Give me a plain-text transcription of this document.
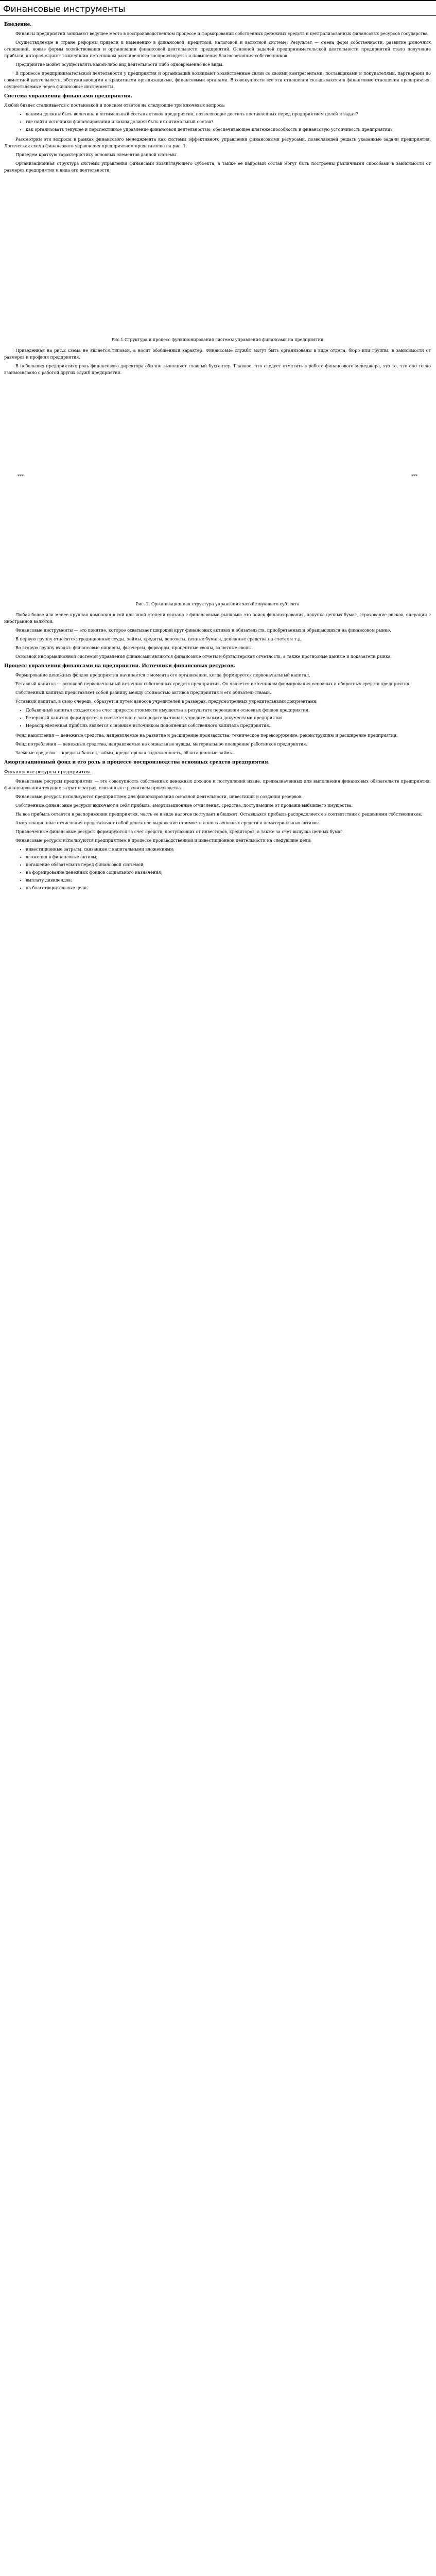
Финансовые инструменты
Введение.

Финансы предприятий занимают ведущее место в воспроизводственном процессе и формировании собственных денежных средств и централизованных финансовых ресурсов государства.

Осуществляемые в стране реформы привели к изменению в финансовой, кредитной, налоговой и валютной системе. Результат — смена форм собственности, развитие рыночных отношений, новые формы хозяйствования и организации финансовой деятельности предприятий. Основной задачей предпринимательской деятельности предприятий стало получение прибыли, которая служит важнейшим источником расширенного воспроизводства и повышения благосостояния собственников.

Предприятие может осуществлять какой-либо вид деятельности либо одновременно все виды.

В процессе предпринимательской деятельности у предприятия и организаций возникают хозяйственные связи со своими контрагентами: поставщиками и покупателями, партнерами по совместной деятельности, обслуживающими и кредитными организациями, финансовыми органами. В совокупности все эти отношения складываются в финансовые отношения предприятия, осуществляемые через финансовые инструменты.

Система управления финансами предприятия.

Любой бизнес сталкивается с постановкой и поиском ответов на следующие три ключевых вопроса:

• какими должны быть величина и оптимальный состав активов предприятия, позволяющие достичь поставленных перед предприятием целей и задач?
• где найти источники финансирования и каким должен быть их оптимальный состав?
• как организовать текущее и перспективное управление финансовой деятельностью, обеспечивающее платежеспособность и финансовую устойчивость предприятия?

Рассмотрим эти вопросы в рамках финансового менеджмента как системы эффективного управления финансовыми ресурсами, позволяющей решать указанные задачи предприятия. Логическая схема финансового управления предприятием представлена на рис. 1.

Приведем краткую характеристику основных элементов данной системы.

Организационная структура системы управления финансами хозяйствующего субъекта, а также ее кадровый состав могут быть построены различными способами в зависимости от размеров предприятия и вида его деятельности.

Рис.1.Структура и процесс функционирования системы управления финансами на предприятии

Приведенная на рис.2 схема не является типовой, а носит обобщенный характер. Финансовые службы могут быть организованы в виде отдела, бюро или группы, в зависимости от размеров и профиля предприятия.

В небольших предприятиях роль финансового директора обычно выполняет главный бухгалтер. Главное, что следует отметить в работе финансового менеджера, это то, что оно тесно взаимосвязано с работой других служб предприятия.

***	***
Рис. 2. Организационная структура управления хозяйствующего субъекта

Любая более или менее крупная компания в той или иной степени связана с финансовыми рынками: это поиск финансирования, покупка ценных бумаг, страхование рисков, операции с иностранной валютой.

Финансовые инструменты — это понятие, которое охватывает широкий круг финансовых активов и обязательств, приобретаемых и обращающихся на финансовом рынке.

В первую группу относятся: традиционные ссуды, займы, кредиты, депозиты, ценные бумаги, денежные средства на счетах и т.д.

Во вторую группу входят: финансовые опционы, фьючерсы, форварды, процентные свопы, валютные свопы.

Основной информационной системой управления финансами являются финансовые отчеты и бухгалтерская отчетность, а также прогнозные данные и показатели рынка.

Процесс управления финансами на предприятии. Источники финансовых ресурсов.

Формирование денежных фондов предприятия начинается с момента его организации, когда формируется первоначальный капитал.

Уставный капитал — основной первоначальный источник собственных средств предприятия. Он является источником формирования основных и оборотных средств предприятия.

Собственный капитал представляет собой разницу между стоимостью активов предприятия и его обязательствами.

Уставный капитал, в свою очередь, образуется путем взносов учредителей в размерах, предусмотренных учредительными документами.

• Добавочный капитал создается за счет прироста стоимости имущества в результате переоценки основных фондов предприятия.
• Резервный капитал формируется в соответствии с законодательством и учредительными документами предприятия.
• Нераспределенная прибыль является основным источником пополнения собственного капитала предприятия.

Фонд накопления — денежные средства, направляемые на развитие и расширение производства, техническое перевооружение, реконструкцию и расширение предприятия.

Фонд потребления — денежные средства, направляемые на социальные нужды, материальное поощрение работников предприятия.

Заемные средства — кредиты банков, займы, кредиторская задолженность, облигационные займы.

Амортизационный фонд и его роль в процессе воспроизводства основных средств предприятия.
Финансовые ресурсы предприятия.

Финансовые ресурсы предприятия — это совокупность собственных денежных доходов и поступлений извне, предназначенных для выполнения финансовых обязательств предприятия, финансирования текущих затрат и затрат, связанных с развитием производства.

Финансовые ресурсы используются предприятием для финансирования основной деятельности, инвестиций и создания резервов.

Собственные финансовые ресурсы включают в себя прибыль, амортизационные отчисления, средства, поступающие от продажи выбывшего имущества.

На все прибыль остается в распоряжении предприятия, часть ее в виде налогов поступает в бюджет. Оставшаяся прибыль распределяется в соответствии с решениями собственников.

Амортизационные отчисления представляют собой денежное выражение стоимости износа основных средств и нематериальных активов.

Привлеченные финансовые ресурсы формируются за счет средств, поступающих от инвесторов, кредиторов, а также за счет выпуска ценных бумаг.

Финансовые ресурсы используются предприятием в процессе производственной и инвестиционной деятельности на следующие цели:

• инвестиционные затраты, связанные с капитальными вложениями;
• вложения в финансовые активы;
• погашение обязательств перед финансовой системой;
• на формирование денежных фондов социального назначения;
• выплату дивидендов;
• на благотворительные цели.
